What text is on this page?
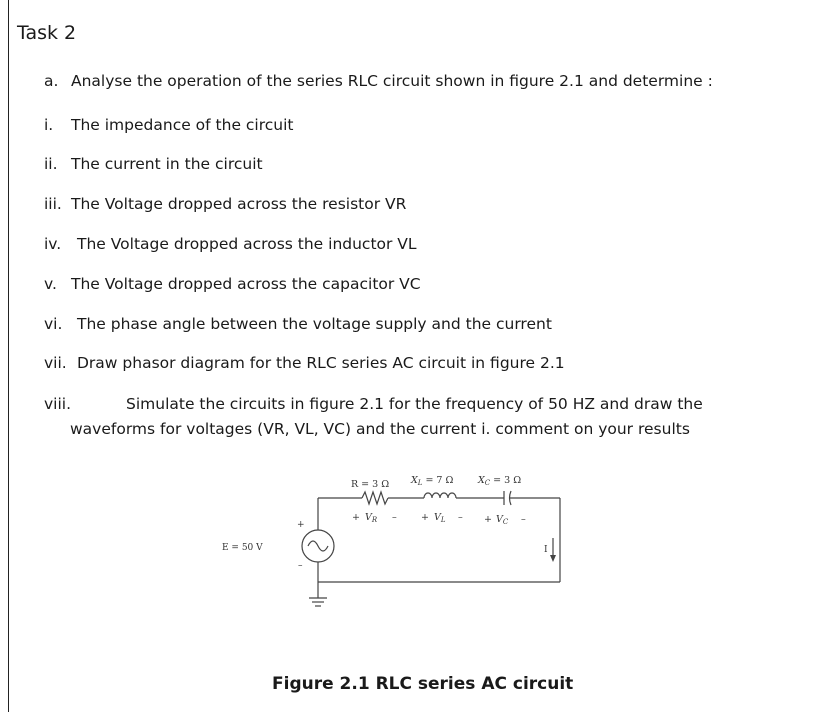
Task 2
a. Analyse the operation of the series RLC circuit shown in figure 2.1 and determine :
i. The impedance of the circuit
ii. The current in the circuit
iii. The Voltage dropped across the resistor VR
iv. The Voltage dropped across the inductor VL
v. The Voltage dropped across the capacitor VC
vi. The phase angle between the voltage supply and the current
vii. Draw phasor diagram for the RLC series AC circuit in figure 2.1
viii.	Simulate the circuits in figure 2.1 for the frequency of 50 HZ and draw the
waveforms for voltages (VR, VL, VC) and the current i. comment on your results
R = 3 Ω $X_L = 7$ Ω	$X_C = 3$ Ω
+ $V_R$ –	+ $V_L$ – + $V_C$ –
E = 50 V
+
–
I
Figure 2.1 RLC series AC circuit
